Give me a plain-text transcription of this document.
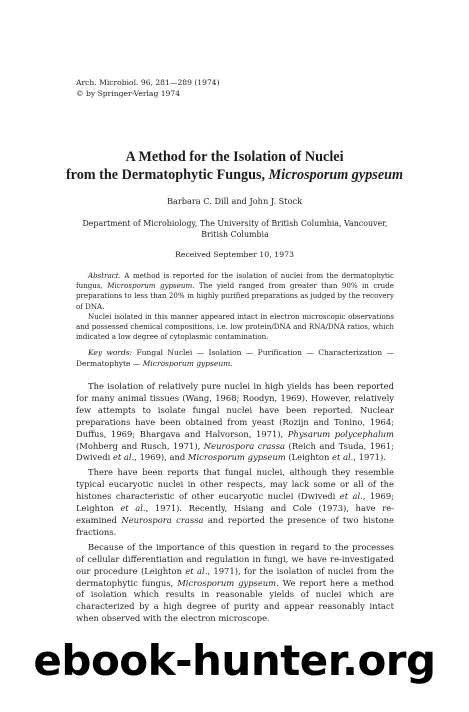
Arch. Microbiol. 96, 281—289 (1974)
© by Springer-Verlag 1974
A Method for the Isolation of Nuclei
from the Dermatophytic Fungus, Microsporum gypseum
Barbara C. Dill and John J. Stock
Department of Microbiology, The University of British Columbia, Vancouver,
British Columbia
Received September 10, 1973

Abstract. A method is reported for the isolation of nuclei from the dermatophytic fungus, Microsporum gypseum. The yield ranged from greater than 90% in crude preparations to less than 20% in highly purified preparations as judged by the recovery of DNA.

Nuclei isolated in this manner appeared intact in electron microscopic observations and possessed chemical compositions, i.e. low protein/DNA and RNA/DNA ratios, which indicated a low degree of cytoplasmic contamination.

Key words: Fungal Nuclei — Isolation — Purification — Characterization — Dermatophyte — Microsporum gypseum.

The isolation of relatively pure nuclei in high yields has been reported for many animal tissues (Wang, 1968; Roodyn, 1969). However, relatively few attempts to isolate fungal nuclei have been reported. Nuclear preparations have been obtained from yeast (Rozijn and Tonino, 1964; Duffus, 1969; Bhargava and Halvorson, 1971), Physarum polycephalum (Mohberg and Rusch, 1971), Neurospora crassa (Reich and Tsuda, 1961; Dwivedi et al., 1969), and Microsporum gypseum (Leighton et al., 1971).

There have been reports that fungal nuclei, although they resemble typical eucaryotic nuclei in other respects, may lack some or all of the histones characteristic of other eucaryotic nuclei (Dwivedi et al., 1969; Leighton et al., 1971). Recently, Hsiang and Cole (1973), have re-examined Neurospora crassa and reported the presence of two histone fractions.

Because of the importance of this question in regard to the processes of cellular differentiation and regulation in fungi, we have re-investigated our procedure (Leighton et al., 1971), for the isolation of nuclei from the dermatophytic fungus, Microsporum gypseum. We report here a method of isolation which results in reasonable yields of nuclei which are characterized by a high degree of purity and appear reasonably intact when observed with the electron microscope.

ebook-hunter.org
